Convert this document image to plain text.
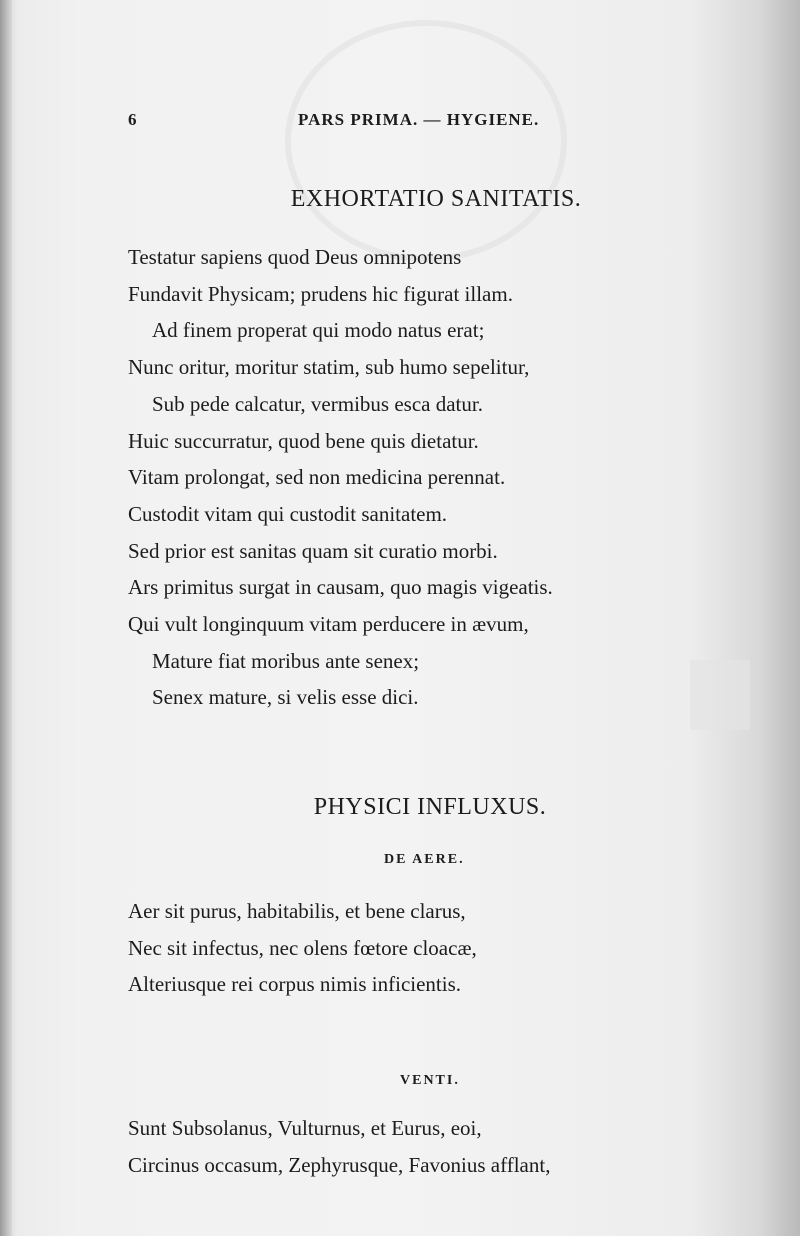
6	PARS PRIMA. — HYGIENE.
EXHORTATIO SANITATIS.
Testatur sapiens quod Deus omnipotens
Fundavit Physicam; prudens hic figurat illam.
Ad finem properat qui modo natus erat;
Nunc oritur, moritur statim, sub humo sepelitur,
Sub pede calcatur, vermibus esca datur.
Huic succurratur, quod bene quis dietatur.
Vitam prolongat, sed non medicina perennat.
Custodit vitam qui custodit sanitatem.
Sed prior est sanitas quam sit curatio morbi.
Ars primitus surgat in causam, quo magis vigeatis.
Qui vult longinquum vitam perducere in ævum,
Mature fiat moribus ante senex;
Senex mature, si velis esse dici.
PHYSICI INFLUXUS.
DE AERE.
Aer sit purus, habitabilis, et bene clarus,
Nec sit infectus, nec olens fœtore cloacæ,
Alteriusque rei corpus nimis inficientis.
VENTI.
Sunt Subsolanus, Vulturnus, et Eurus, eoi,
Circinus occasum, Zephyrusque, Favonius afflant,
